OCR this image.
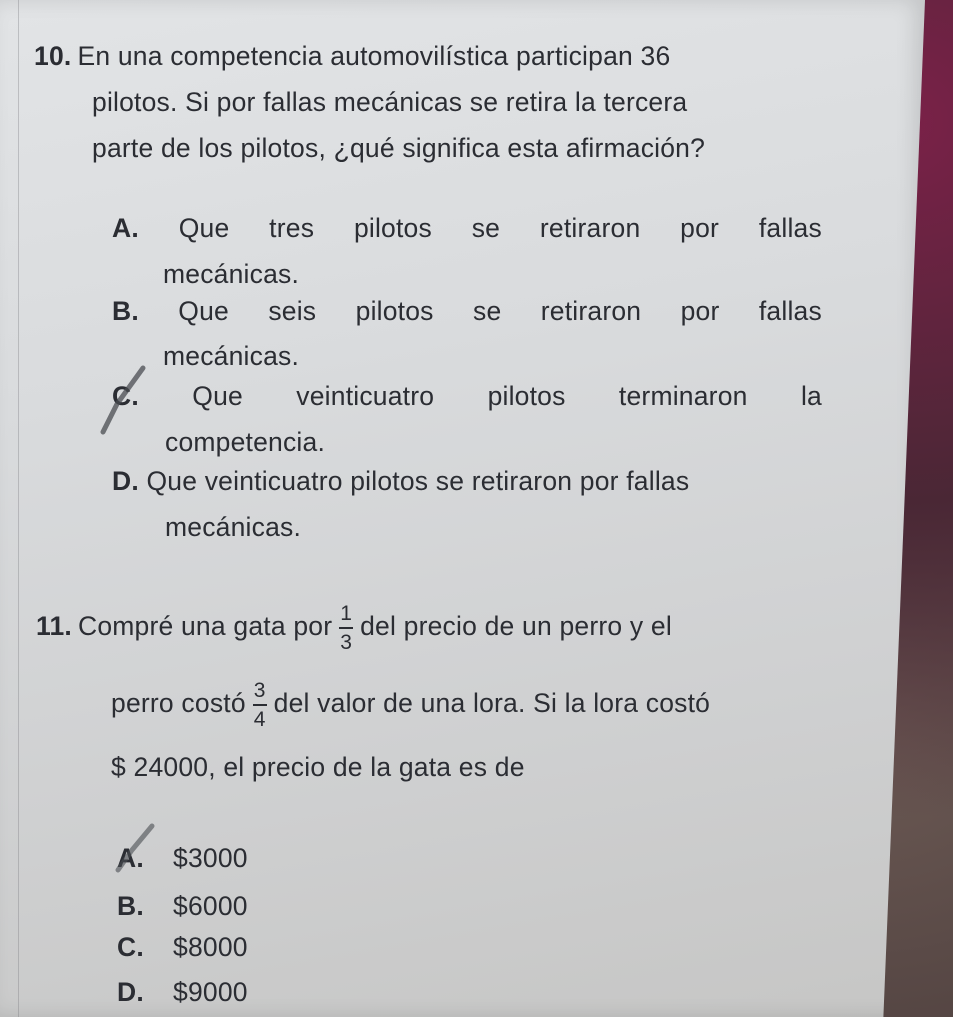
10. En una competencia automovilística participan 36
pilotos. Si por fallas mecánicas se retira la tercera
parte de los pilotos, ¿qué significa esta afirmación?
A. Que tres pilotos se retiraron por fallas
mecánicas.
B. Que seis pilotos se retiraron por fallas
mecánicas.
C. Que veinticuatro pilotos terminaron la
competencia.
D. Que veinticuatro pilotos se retiraron por fallas
mecánicas.
11. Compré una gata por $\frac{1}{3}$ del precio de un perro y el
perro costó $\frac{3}{4}$ del valor de una lora. Si la lora costó
$ 24000, el precio de la gata es de
A. $3000
B. $6000
C. $8000
D. $9000
